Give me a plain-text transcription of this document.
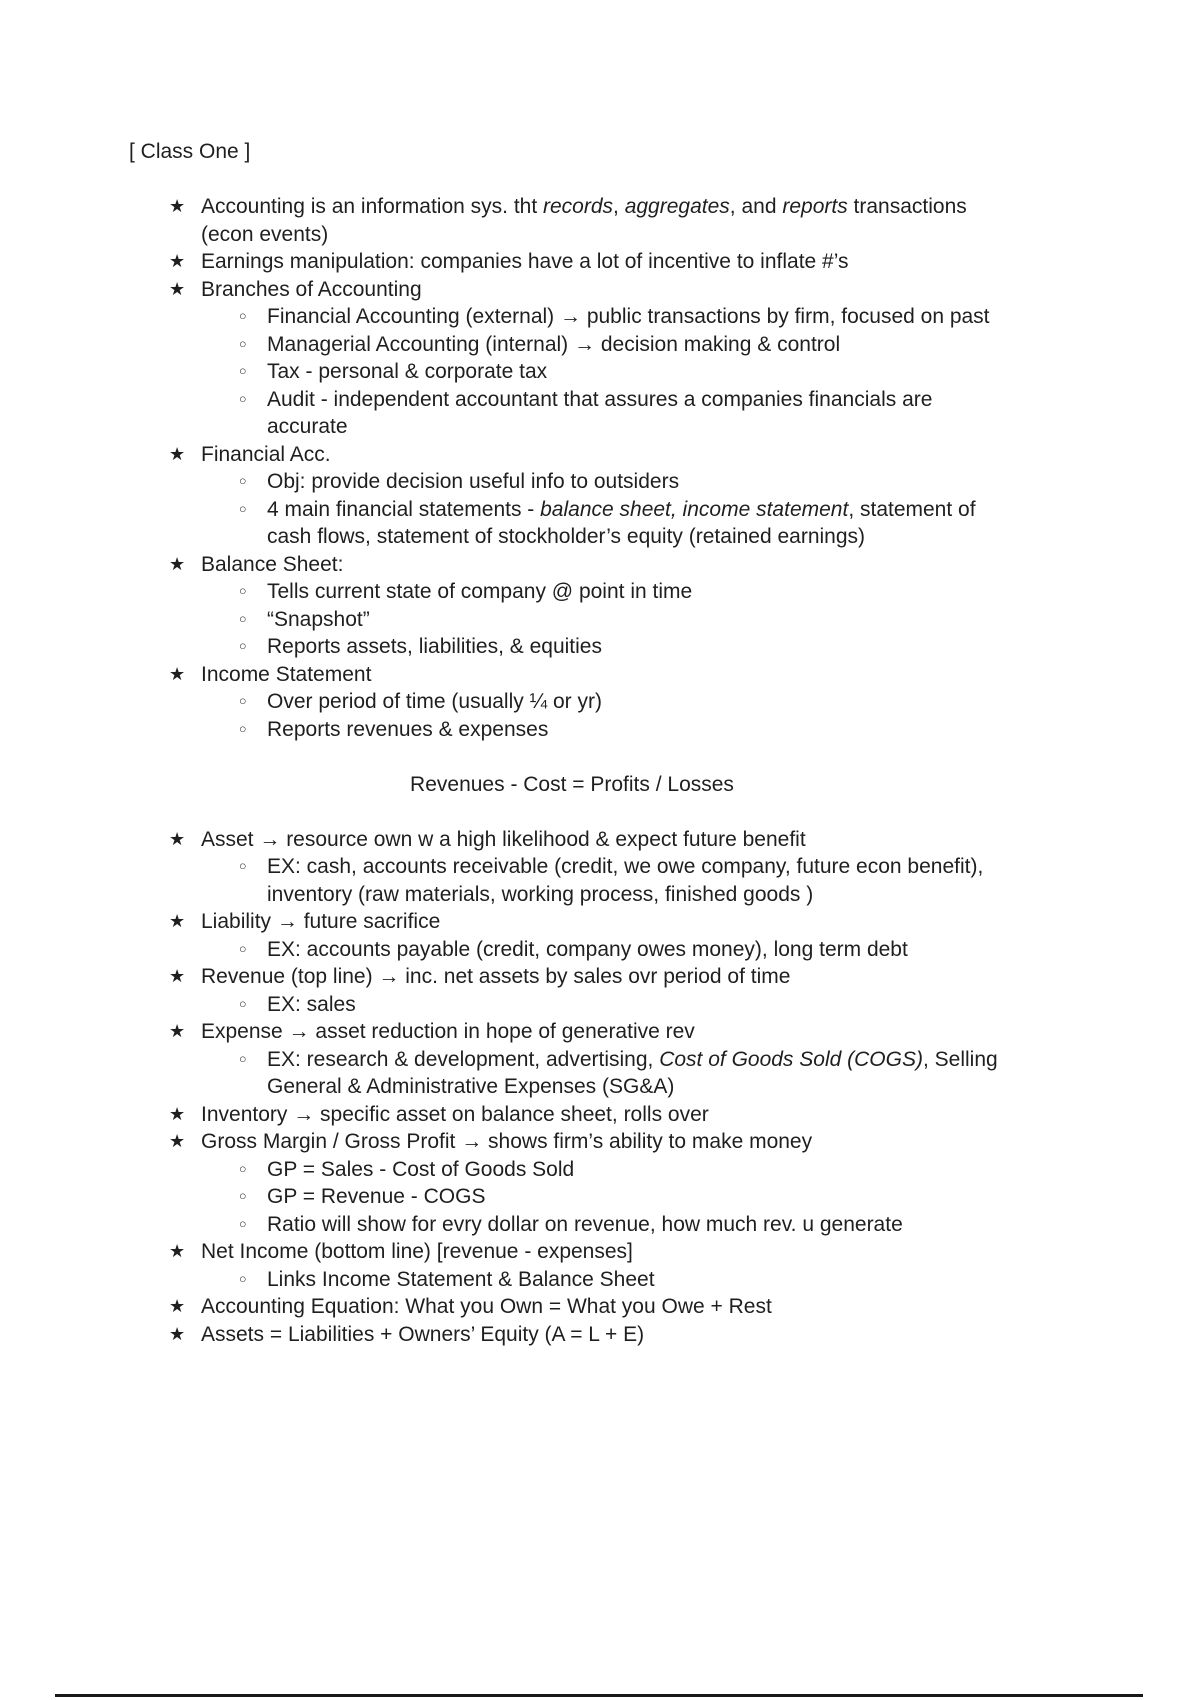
[ Class One ]
★ Accounting is an information sys. tht records, aggregates, and reports transactions (econ events)
★ Earnings manipulation: companies have a lot of incentive to inflate #’s
★ Branches of Accounting
○ Financial Accounting (external) → public transactions by firm, focused on past
○ Managerial Accounting (internal) → decision making & control
○ Tax - personal & corporate tax
○ Audit - independent accountant that assures a companies financials are accurate
★ Financial Acc.
○ Obj: provide decision useful info to outsiders
○ 4 main financial statements - balance sheet, income statement, statement of cash flows, statement of stockholder’s equity (retained earnings)
★ Balance Sheet:
○ Tells current state of company @ point in time
○ “Snapshot”
○ Reports assets, liabilities, & equities
★ Income Statement
○ Over period of time (usually ¼ or yr)
○ Reports revenues & expenses
Revenues - Cost = Profits / Losses
★ Asset → resource own w a high likelihood & expect future benefit
○ EX: cash, accounts receivable (credit, we owe company, future econ benefit), inventory (raw materials, working process, finished goods )
★ Liability → future sacrifice
○ EX: accounts payable (credit, company owes money), long term debt
★ Revenue (top line) → inc. net assets by sales ovr period of time
○ EX: sales
★ Expense → asset reduction in hope of generative rev
○ EX: research & development, advertising, Cost of Goods Sold (COGS), Selling General & Administrative Expenses (SG&A)
★ Inventory → specific asset on balance sheet, rolls over
★ Gross Margin / Gross Profit → shows firm’s ability to make money
○ GP = Sales - Cost of Goods Sold
○ GP = Revenue - COGS
○ Ratio will show for evry dollar on revenue, how much rev. u generate
★ Net Income (bottom line) [revenue - expenses]
○ Links Income Statement & Balance Sheet
★ Accounting Equation: What you Own = What you Owe + Rest
★ Assets = Liabilities + Owners’ Equity (A = L + E)
